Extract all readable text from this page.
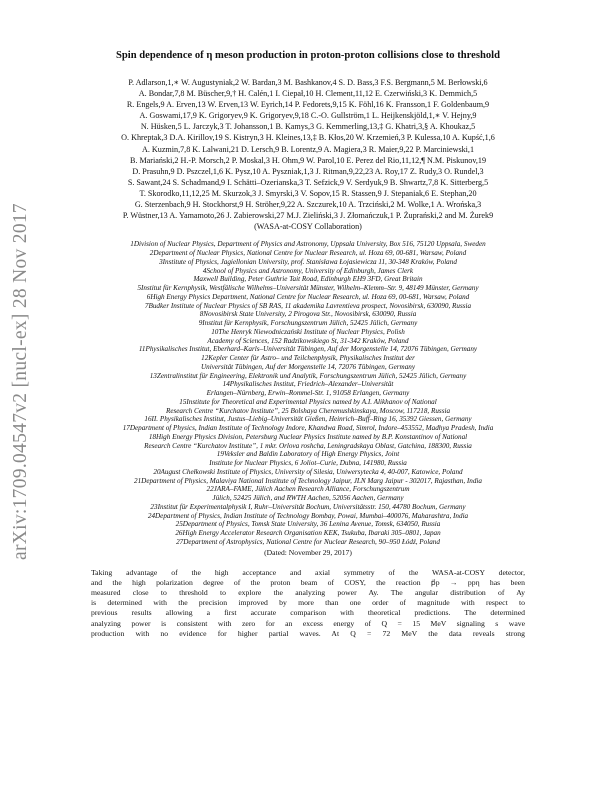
arXiv:1709.04547v2 [nucl-ex] 28 Nov 2017
Spin dependence of η meson production in proton-proton collisions close to threshold
P. Adlarson,1,∗ W. Augustyniak,2 W. Bardan,3 M. Bashkanov,4 S. D. Bass,3 F.S. Bergmann,5 M. Berłowski,6
A. Bondar,7,8 M. Büscher,9,† H. Calén,1 I. Ciepał,10 H. Clement,11,12 E. Czerwiński,3 K. Demmich,5
R. Engels,9 A. Erven,13 W. Erven,13 W. Eyrich,14 P. Fedorets,9,15 K. Föhl,16 K. Fransson,1 F. Goldenbaum,9
A. Goswami,17,9 K. Grigoryev,9 K. Grigoryev,9,18 C.-O. Gullström,1 L. Heijkenskjöld,1,∗ V. Hejny,9
N. Hüsken,5 L. Jarczyk,3 T. Johansson,1 B. Kamys,3 G. Kemmerling,13,‡ G. Khatri,3,§ A. Khoukaz,5
O. Khreptak,3 D.A. Kirillov,19 S. Kistryn,3 H. Kleines,13,‡ B. Kłos,20 W. Krzemień,3 P. Kulessa,10 A. Kupść,1,6
A. Kuzmin,7,8 K. Lalwani,21 D. Lersch,9 B. Lorentz,9 A. Magiera,3 R. Maier,9,22 P. Marciniewski,1
B. Mariański,2 H.-P. Morsch,2 P. Moskal,3 H. Ohm,9 W. Parol,10 E. Perez del Rio,11,12,¶ N.M. Piskunov,19
D. Prasuhn,9 D. Pszczel,1,6 K. Pysz,10 A. Pyszniak,1,3 J. Ritman,9,22,23 A. Roy,17 Z. Rudy,3 O. Rundel,3
S. Sawant,24 S. Schadmand,9 I. Schätti–Ozerianska,3 T. Sefzick,9 V. Serdyuk,9 B. Shwartz,7,8 K. Sitterberg,5
T. Skorodko,11,12,25 M. Skurzok,3 J. Smyrski,3 V. Sopov,15 R. Stassen,9 J. Stepaniak,6 E. Stephan,20
G. Sterzenbach,9 H. Stockhorst,9 H. Ströher,9,22 A. Szczurek,10 A. Trzciński,2 M. Wolke,1 A. Wrońska,3
P. Wüstner,13 A. Yamamoto,26 J. Zabierowski,27 M.J. Zieliński,3 J. Złomańczuk,1 P. Żuprański,2 and M. Żurek9
(WASA-at-COSY Collaboration)
1Division of Nuclear Physics, Department of Physics and Astronomy, Uppsala University, Box 516, 75120 Uppsala, Sweden
2Department of Nuclear Physics, National Centre for Nuclear Research, ul. Hoza 69, 00-681, Warsaw, Poland
3Institute of Physics, Jagiellonian University, prof. Stanisława Łojasiewicza 11, 30-348 Kraków, Poland
4School of Physics and Astronomy, University of Edinburgh, James Clerk
Maxwell Building, Peter Guthrie Tait Road, Edinburgh EH9 3FD, Great Britain
5Institut für Kernphysik, Westfälische Wilhelms–Universität Münster, Wilhelm–Klemm–Str. 9, 48149 Münster, Germany
6High Energy Physics Department, National Centre for Nuclear Research, ul. Hoza 69, 00-681, Warsaw, Poland
7Budker Institute of Nuclear Physics of SB RAS, 11 akademika Lavrentieva prospect, Novosibirsk, 630090, Russia
8Novosibirsk State University, 2 Pirogova Str., Novosibirsk, 630090, Russia
9Institut für Kernphysik, Forschungszentrum Jülich, 52425 Jülich, Germany
10The Henryk Niewodniczański Institute of Nuclear Physics, Polish
Academy of Sciences, 152 Radzikowskiego St, 31-342 Kraków, Poland
11Physikalisches Institut, Eberhard–Karls–Universität Tübingen, Auf der Morgenstelle 14, 72076 Tübingen, Germany
12Kepler Center für Astro– und Teilchenphysik, Physikalisches Institut der
Universität Tübingen, Auf der Morgenstelle 14, 72076 Tübingen, Germany
13Zentralinstitut für Engineering, Elektronik und Analytik, Forschungszentrum Jülich, 52425 Jülich, Germany
14Physikalisches Institut, Friedrich–Alexander–Universität
Erlangen–Nürnberg, Erwin–Rommel-Str. 1, 91058 Erlangen, Germany
15Institute for Theoretical and Experimental Physics named by A.I. Alikhanov of National
Research Centre “Kurchatov Institute”, 25 Bolshaya Cheremushkinskaya, Moscow, 117218, Russia
16II. Physikalisches Institut, Justus–Liebig–Universität Gießen, Heinrich–Buff–Ring 16, 35392 Giessen, Germany
17Department of Physics, Indian Institute of Technology Indore, Khandwa Road, Simrol, Indore–453552, Madhya Pradesh, India
18High Energy Physics Division, Petersburg Nuclear Physics Institute named by B.P. Konstantinov of National
Research Centre “Kurchatov Institute”, 1 mkr. Orlova roshcha, Leningradskaya Oblast, Gatchina, 188300, Russia
19Veksler and Baldin Laboratory of High Energy Physics, Joint
Institute for Nuclear Physics, 6 Joliot–Curie, Dubna, 141980, Russia
20August Chełkowski Institute of Physics, University of Silesia, Uniwersytecka 4, 40-007, Katowice, Poland
21Department of Physics, Malaviya National Institute of Technology Jaipur, JLN Marg Jaipur - 302017, Rajasthan, India
22JARA–FAME, Jülich Aachen Research Alliance, Forschungszentrum
Jülich, 52425 Jülich, and RWTH Aachen, 52056 Aachen, Germany
23Institut für Experimentalphysik I, Ruhr–Universität Bochum, Universitätsstr. 150, 44780 Bochum, Germany
24Department of Physics, Indian Institute of Technology Bombay, Powai, Mumbai–400076, Maharashtra, India
25Department of Physics, Tomsk State University, 36 Lenina Avenue, Tomsk, 634050, Russia
26High Energy Accelerator Research Organisation KEK, Tsukuba, Ibaraki 305–0801, Japan
27Department of Astrophysics, National Centre for Nuclear Research, 90–950 Łódź, Poland
(Dated: November 29, 2017)
Taking advantage of the high acceptance and axial symmetry of the WASA-at-COSY detector,
and the high polarization degree of the proton beam of COSY, the reaction p⃗p → ppη has been
measured close to threshold to explore the analyzing power Ay. The angular distribution of Ay
is determined with the precision improved by more than one order of magnitude with respect to
previous results allowing a first accurate comparison with theoretical predictions. The determined
analyzing power is consistent with zero for an excess energy of Q = 15 MeV signaling s wave
production with no evidence for higher partial waves. At Q = 72 MeV the data reveals strong
